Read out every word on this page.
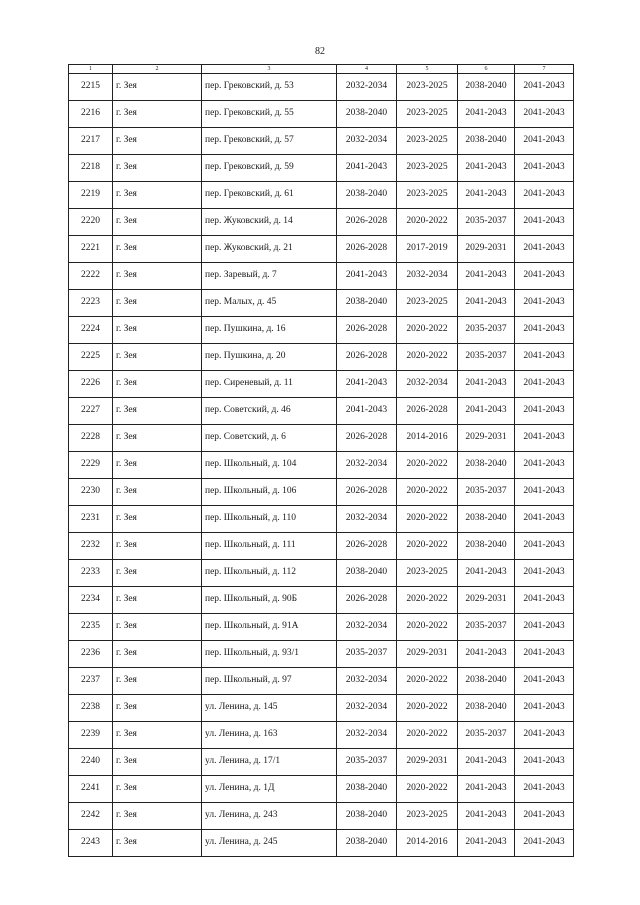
82
1	2	3	4	5	6	7
2215	г. Зея	пер. Грековский, д. 53	2032-2034	2023-2025	2038-2040	2041-2043
2216	г. Зея	пер. Грековский, д. 55	2038-2040	2023-2025	2041-2043	2041-2043
2217	г. Зея	пер. Грековский, д. 57	2032-2034	2023-2025	2038-2040	2041-2043
2218	г. Зея	пер. Грековский, д. 59	2041-2043	2023-2025	2041-2043	2041-2043
2219	г. Зея	пер. Грековский, д. 61	2038-2040	2023-2025	2041-2043	2041-2043
2220	г. Зея	пер. Жуковский, д. 14	2026-2028	2020-2022	2035-2037	2041-2043
2221	г. Зея	пер. Жуковский, д. 21	2026-2028	2017-2019	2029-2031	2041-2043
2222	г. Зея	пер. Заревый, д. 7	2041-2043	2032-2034	2041-2043	2041-2043
2223	г. Зея	пер. Малых, д. 45	2038-2040	2023-2025	2041-2043	2041-2043
2224	г. Зея	пер. Пушкина, д. 16	2026-2028	2020-2022	2035-2037	2041-2043
2225	г. Зея	пер. Пушкина, д. 20	2026-2028	2020-2022	2035-2037	2041-2043
2226	г. Зея	пер. Сиреневый, д. 11	2041-2043	2032-2034	2041-2043	2041-2043
2227	г. Зея	пер. Советский, д. 46	2041-2043	2026-2028	2041-2043	2041-2043
2228	г. Зея	пер. Советский, д. 6	2026-2028	2014-2016	2029-2031	2041-2043
2229	г. Зея	пер. Школьный, д. 104	2032-2034	2020-2022	2038-2040	2041-2043
2230	г. Зея	пер. Школьный, д. 106	2026-2028	2020-2022	2035-2037	2041-2043
2231	г. Зея	пер. Школьный, д. 110	2032-2034	2020-2022	2038-2040	2041-2043
2232	г. Зея	пер. Школьный, д. 111	2026-2028	2020-2022	2038-2040	2041-2043
2233	г. Зея	пер. Школьный, д. 112	2038-2040	2023-2025	2041-2043	2041-2043
2234	г. Зея	пер. Школьный, д. 90Б	2026-2028	2020-2022	2029-2031	2041-2043
2235	г. Зея	пер. Школьный, д. 91А	2032-2034	2020-2022	2035-2037	2041-2043
2236	г. Зея	пер. Школьный, д. 93/1	2035-2037	2029-2031	2041-2043	2041-2043
2237	г. Зея	пер. Школьный, д. 97	2032-2034	2020-2022	2038-2040	2041-2043
2238	г. Зея	ул. Ленина, д. 145	2032-2034	2020-2022	2038-2040	2041-2043
2239	г. Зея	ул. Ленина, д. 163	2032-2034	2020-2022	2035-2037	2041-2043
2240	г. Зея	ул. Ленина, д. 17/1	2035-2037	2029-2031	2041-2043	2041-2043
2241	г. Зея	ул. Ленина, д. 1Д	2038-2040	2020-2022	2041-2043	2041-2043
2242	г. Зея	ул. Ленина, д. 243	2038-2040	2023-2025	2041-2043	2041-2043
2243	г. Зея	ул. Ленина, д. 245	2038-2040	2014-2016	2041-2043	2041-2043
